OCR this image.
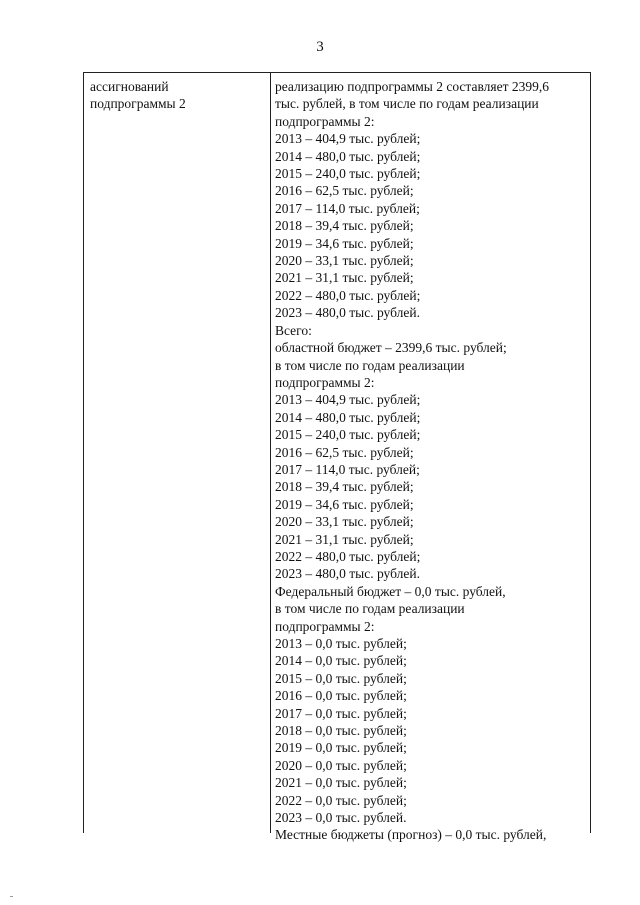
3
ассигнований
подпрограммы 2
реализацию подпрограммы 2 составляет 2399,6
тыс. рублей, в том числе по годам реализации
подпрограммы 2:
2013 – 404,9 тыс. рублей;
2014 – 480,0 тыс. рублей;
2015 – 240,0 тыс. рублей;
2016 – 62,5 тыс. рублей;
2017 – 114,0 тыс. рублей;
2018 – 39,4 тыс. рублей;
2019 – 34,6 тыс. рублей;
2020 – 33,1 тыс. рублей;
2021 – 31,1 тыс. рублей;
2022 – 480,0 тыс. рублей;
2023 – 480,0 тыс. рублей.
Всего:
областной бюджет – 2399,6 тыс. рублей;
в том числе по годам реализации
подпрограммы 2:
2013 – 404,9 тыс. рублей;
2014 – 480,0 тыс. рублей;
2015 – 240,0 тыс. рублей;
2016 – 62,5 тыс. рублей;
2017 – 114,0 тыс. рублей;
2018 – 39,4 тыс. рублей;
2019 – 34,6 тыс. рублей;
2020 – 33,1 тыс. рублей;
2021 – 31,1 тыс. рублей;
2022 – 480,0 тыс. рублей;
2023 – 480,0 тыс. рублей.
Федеральный бюджет – 0,0 тыс. рублей,
в том числе по годам реализации
подпрограммы 2:
2013 – 0,0 тыс. рублей;
2014 – 0,0 тыс. рублей;
2015 – 0,0 тыс. рублей;
2016 – 0,0 тыс. рублей;
2017 – 0,0 тыс. рублей;
2018 – 0,0 тыс. рублей;
2019 – 0,0 тыс. рублей;
2020 – 0,0 тыс. рублей;
2021 – 0,0 тыс. рублей;
2022 – 0,0 тыс. рублей;
2023 – 0,0 тыс. рублей.
Местные бюджеты (прогноз) – 0,0 тыс. рублей,
